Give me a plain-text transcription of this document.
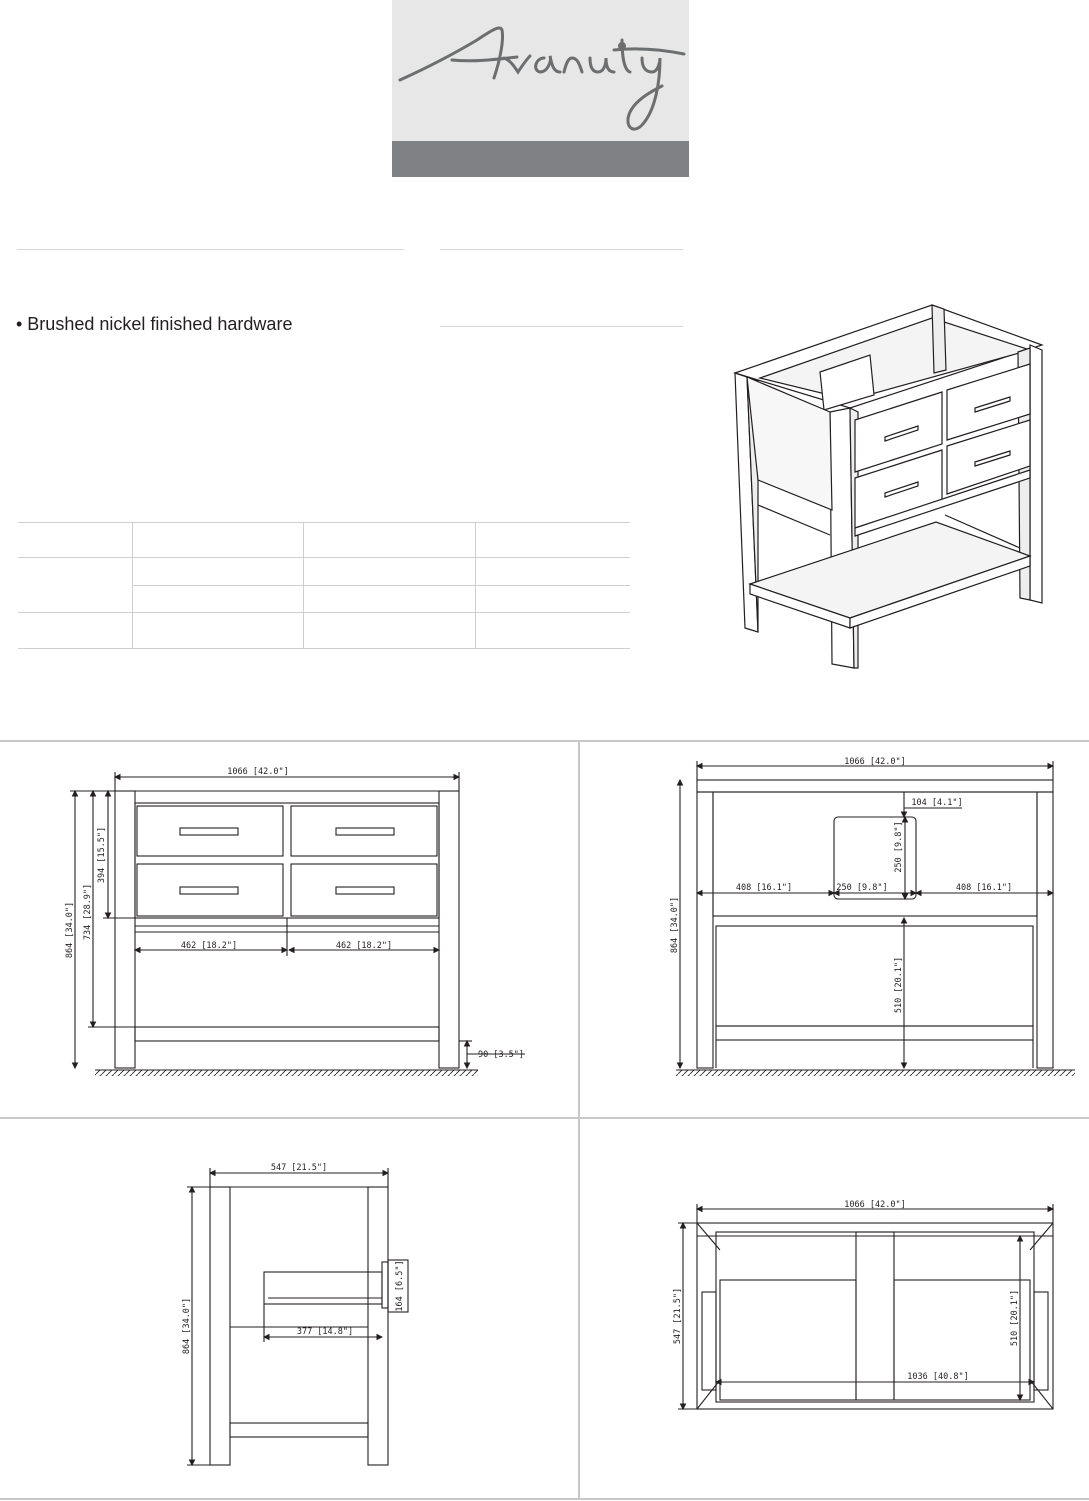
• Brushed nickel finished hardware
1066 [42.0"]
864 [34.0"] 734 [28.9"]
394 [15.5"]
462 [18.2"]	462 [18.2"]
90 [3.5"]
1066 [42.0"]
104 [4.1"]
250 [9.8"]
408 [16.1"]	250 [9.8"]	408 [16.1"]
864 [34.0"]
510 [20.1"]
547 [21.5"]
864 [34.0"]
164 [6.5"]
377 [14.8"]
1066 [42.0"]
547 [21.5"]	510 [20.1"]
1036 [40.8"]
